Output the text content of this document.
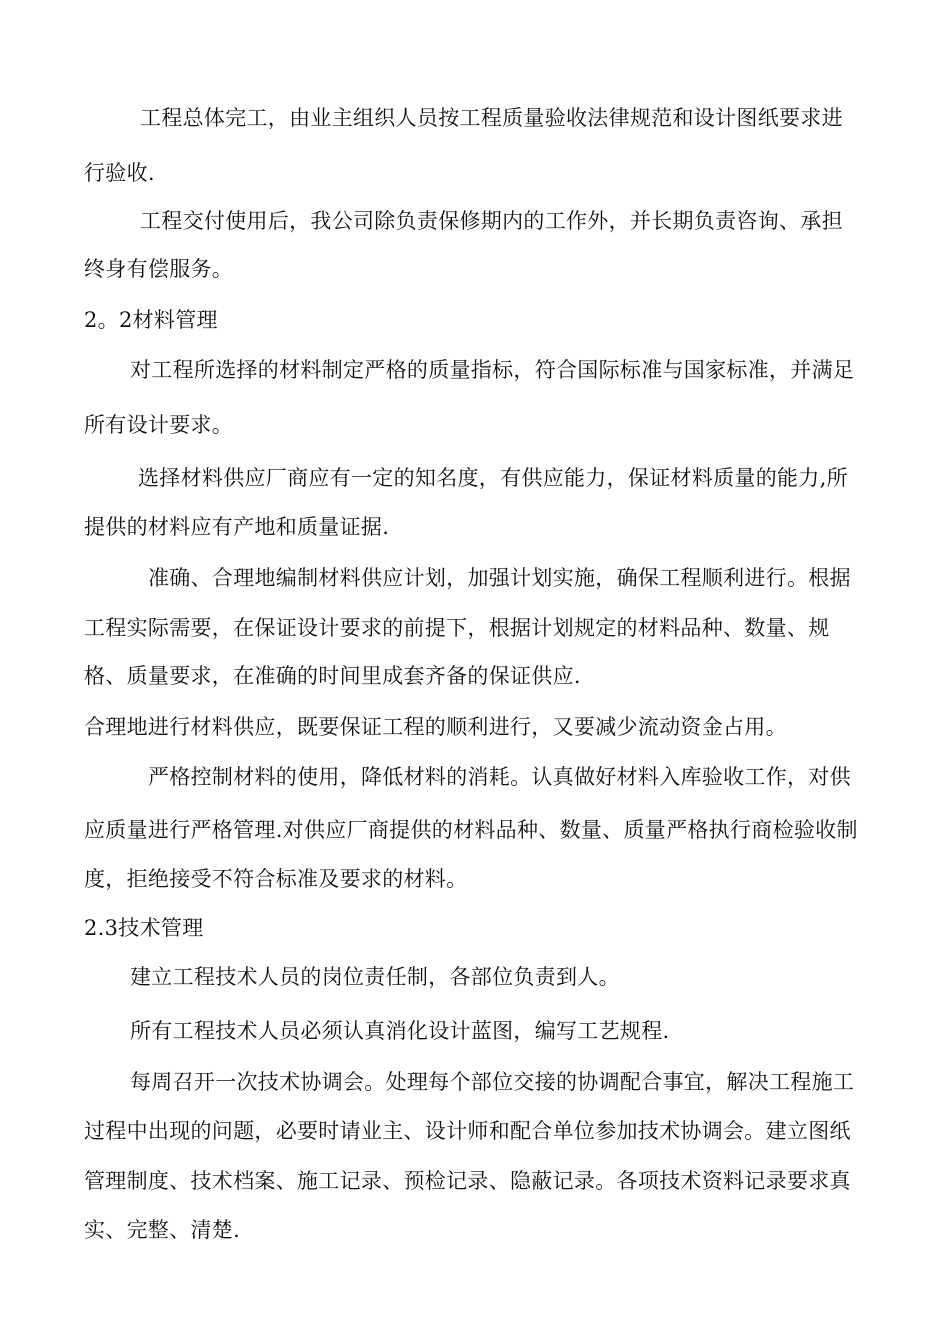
工程总体完工，由业主组织人员按工程质量验收法律规范和设计图纸要求进
行验收.
工程交付使用后，我公司除负责保修期内的工作外，并长期负责咨询、承担
终身有偿服务。
2。2材料管理
对工程所选择的材料制定严格的质量指标，符合国际标准与国家标准，并满足
所有设计要求。
选择材料供应厂商应有一定的知名度，有供应能力，保证材料质量的能力,所
提供的材料应有产地和质量证据.
准确、合理地编制材料供应计划，加强计划实施，确保工程顺利进行。根据
工程实际需要，在保证设计要求的前提下，根据计划规定的材料品种、数量、规
格、质量要求，在准确的时间里成套齐备的保证供应.
合理地进行材料供应，既要保证工程的顺利进行，又要减少流动资金占用。
严格控制材料的使用，降低材料的消耗。认真做好材料入库验收工作，对供
应质量进行严格管理.对供应厂商提供的材料品种、数量、质量严格执行商检验收制
度，拒绝接受不符合标准及要求的材料。
2.3技术管理
建立工程技术人员的岗位责任制，各部位负责到人。
所有工程技术人员必须认真消化设计蓝图，编写工艺规程.
每周召开一次技术协调会。处理每个部位交接的协调配合事宜，解决工程施工
过程中出现的问题，必要时请业主、设计师和配合单位参加技术协调会。建立图纸
管理制度、技术档案、施工记录、预检记录、隐蔽记录。各项技术资料记录要求真
实、完整、清楚.
